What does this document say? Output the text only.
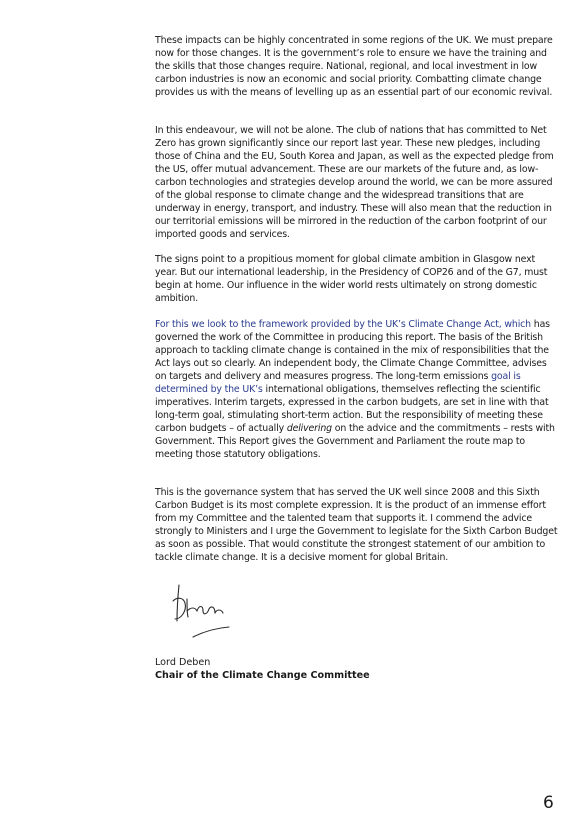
These impacts can be highly concentrated in some regions of the UK. We must prepare now for those changes. It is the government’s role to ensure we have the training and the skills that those changes require. National, regional, and local investment in low carbon industries is now an economic and social priority. Combatting climate change provides us with the means of levelling up as an essential part of our economic revival.

In this endeavour, we will not be alone. The club of nations that has committed to Net Zero has grown significantly since our report last year. These new pledges, including those of China and the EU, South Korea and Japan, as well as the expected pledge from the US, offer mutual advancement. These are our markets of the future and, as low-carbon technologies and strategies develop around the world, we can be more assured of the global response to climate change and the widespread transitions that are underway in energy, transport, and industry. These will also mean that the reduction in our territorial emissions will be mirrored in the reduction of the carbon footprint of our imported goods and services.

The signs point to a propitious moment for global climate ambition in Glasgow next year. But our international leadership, in the Presidency of COP26 and of the G7, must begin at home. Our influence in the wider world rests ultimately on strong domestic ambition.

For this we look to the framework provided by the UK’s Climate Change Act, which has governed the work of the Committee in producing this report. The basis of the British approach to tackling climate change is contained in the mix of responsibilities that the Act lays out so clearly. An independent body, the Climate Change Committee, advises on targets and delivery and measures progress. The long-term emissions goal is determined by the UK’s international obligations, themselves reflecting the scientific imperatives. Interim targets, expressed in the carbon budgets, are set in line with that long-term goal, stimulating short-term action. But the responsibility of meeting these carbon budgets – of actually delivering on the advice and the commitments – rests with Government. This Report gives the Government and Parliament the route map to meeting those statutory obligations.

This is the governance system that has served the UK well since 2008 and this Sixth Carbon Budget is its most complete expression. It is the product of an immense effort from my Committee and the talented team that supports it. I commend the advice strongly to Ministers and I urge the Government to legislate for the Sixth Carbon Budget as soon as possible. That would constitute the strongest statement of our ambition to tackle climate change. It is a decisive moment for global Britain.

Lord Deben
Chair of the Climate Change Committee
6
